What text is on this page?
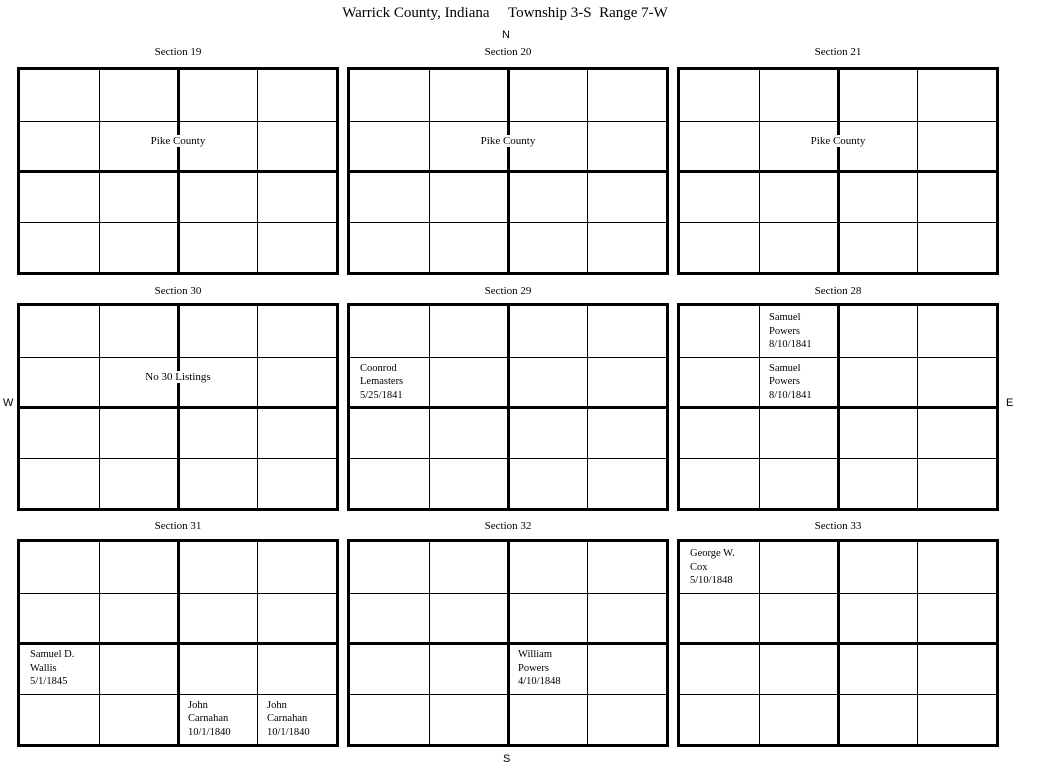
Warrick County, Indiana     Township 3-S  Range 7-W
N
S
W	E
Section 19
Pike County
Section 20
Pike County
Section 21
Pike County
Section 30
No 30 Listings
Section 29
Coonrod
Lemasters
5/25/1841
Section 28
Samuel
Powers
8/10/1841
Samuel
Powers
8/10/1841
Section 31
Samuel D.
Wallis
5/1/1845
John
Carnahan
10/1/1840
John
Carnahan
10/1/1840
Section 32
William
Powers
4/10/1848
Section 33
George W.
Cox
5/10/1848
